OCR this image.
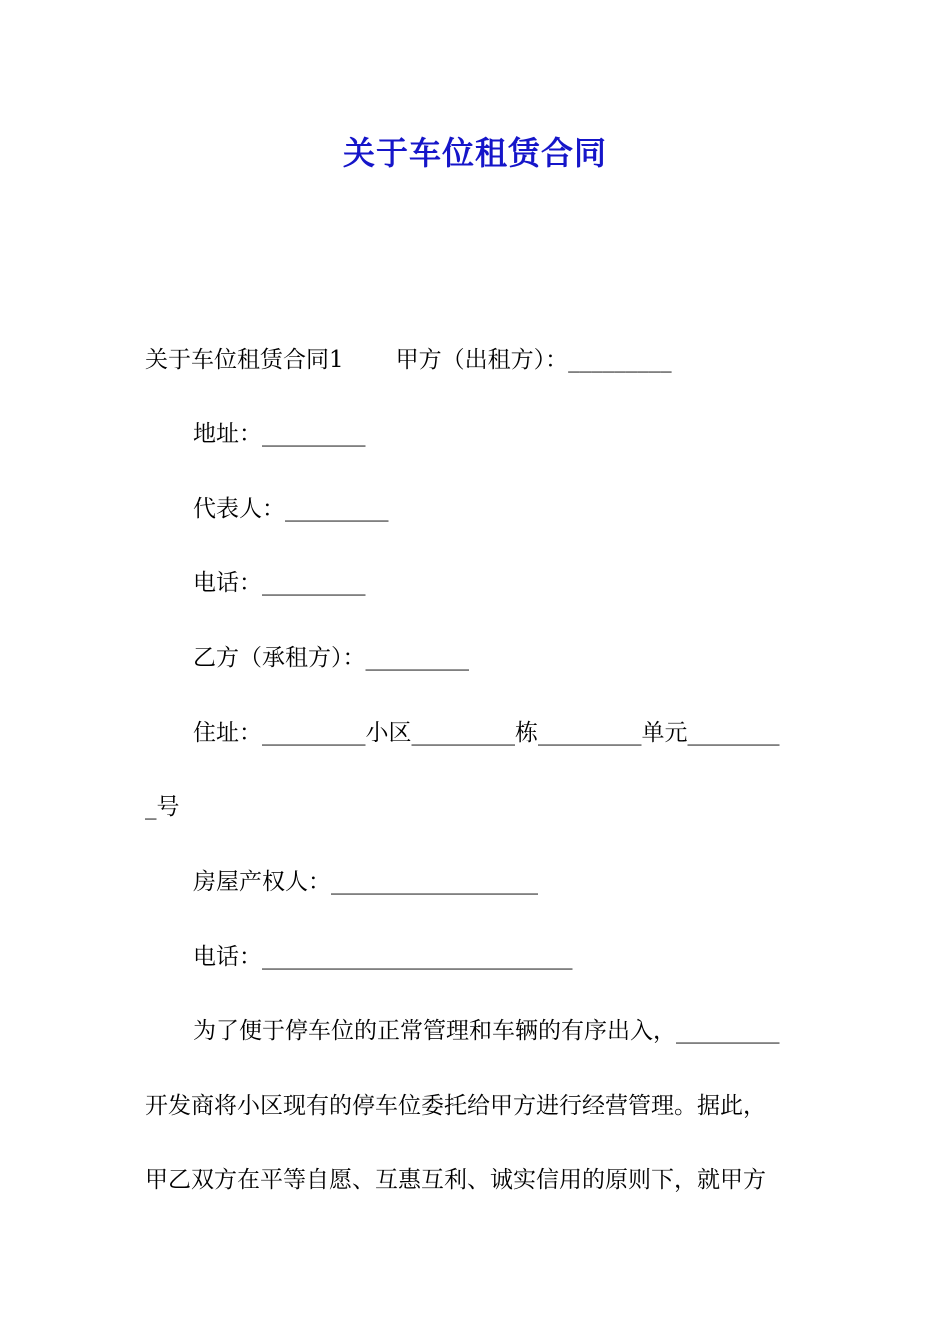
关于车位租赁合同

关于车位租赁合同1 甲方（出租方）：_________

地址：_________

代表人：_________

电话：_________

乙方（承租方）：_________

住址：_________小区_________栋_________单元________

_号

房屋产权人：__________________

电话：___________________________

为了便于停车位的正常管理和车辆的有序出入，_________

开发商将小区现有的停车位委托给甲方进行经营管理。据此，

甲乙双方在平等自愿、互惠互利、诚实信用的原则下，就甲方
